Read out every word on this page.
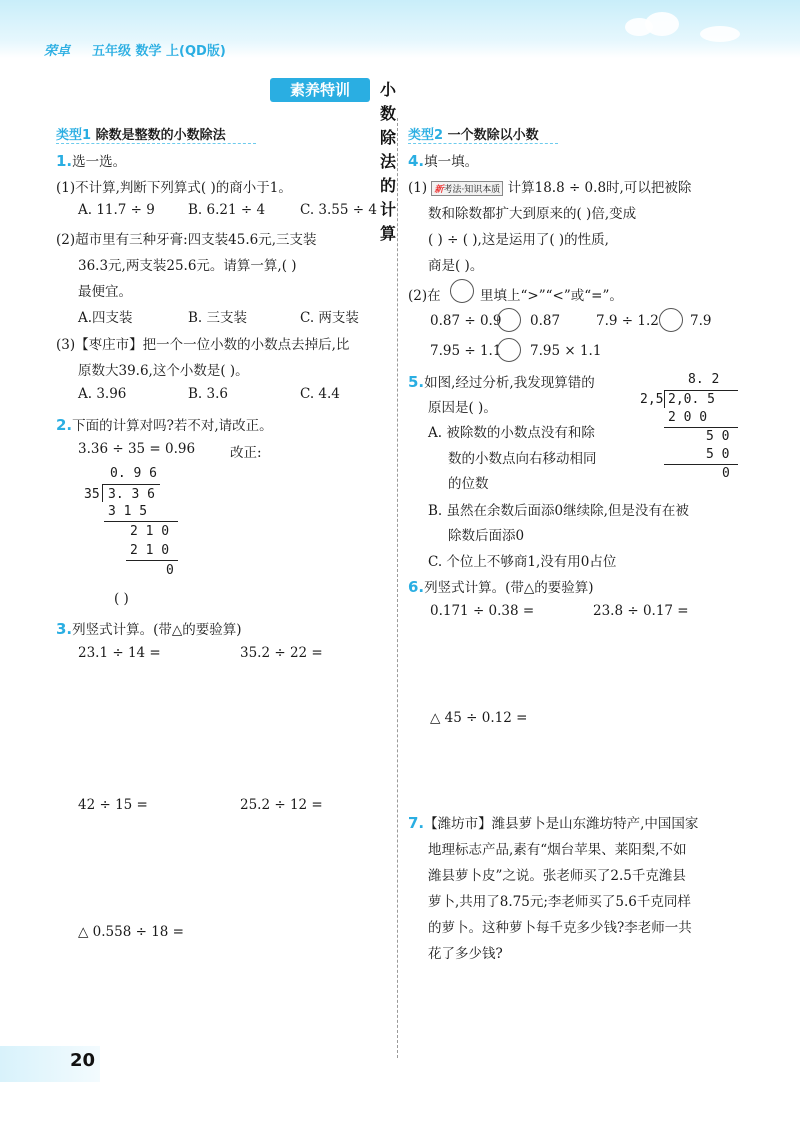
荣卓 五年级 数学 上(QD版)
素养特训	小数除法的计算
类型1 除数是整数的小数除法
1.选一选。
(1)不计算,判断下列算式( )的商小于1。
A. 11.7 ÷ 9 B. 6.21 ÷ 4	C. 3.55 ÷ 4
(2)超市里有三种牙膏:四支装45.6元,三支装
36.3元,两支装25.6元。请算一算,( )
最便宜。
A.四支装	B. 三支装	C. 两支装
(3)【枣庄市】把一个一位小数的小数点去掉后,比
原数大39.6,这个小数是( )。
A. 3.96	B. 3.6	C. 4.4
2.下面的计算对吗?若不对,请改正。
3.36 ÷ 35 = 0.96	改正:
0. 9 6
35 3. 3 6
3 1 5
2 1 0
2 1 0
0
( )
3.列竖式计算。(带△的要验算)
23.1 ÷ 14 =	35.2 ÷ 22 =
42 ÷ 15 =	25.2 ÷ 12 =
△ 0.558 ÷ 18 =
类型2 一个数除以小数
4.填一填。
(1) 新考法·知识本质 计算18.8 ÷ 0.8时,可以把被除
数和除数都扩大到原来的( )倍,变成
( ) ÷ ( ),这是运用了( )的性质,
商是( )。
(2)在	里填上“>”“<”或“=”。
0.87 ÷ 0.9 0.87	7.9 ÷ 1.2 7.9
7.95 ÷ 1.1 7.95 × 1.1
5.如图,经过分析,我发现算错的
原因是( )。
A. 被除数的小数点没有和除
数的小数点向右移动相同
的位数
B. 虽然在余数后面添0继续除,但是没有在被
除数后面添0
C. 个位上不够商1,没有用0占位
8. 2
2,5 2,0. 5
2 0 0
5 0
5 0
0
6.列竖式计算。(带△的要验算)
0.171 ÷ 0.38 =	23.8 ÷ 0.17 =
△ 45 ÷ 0.12 =
7.【潍坊市】潍县萝卜是山东潍坊特产,中国国家
地理标志产品,素有“烟台苹果、莱阳梨,不如
潍县萝卜皮”之说。张老师买了2.5千克潍县
萝卜,共用了8.75元;李老师买了5.6千克同样
的萝卜。这种萝卜每千克多少钱?李老师一共
花了多少钱?
20
